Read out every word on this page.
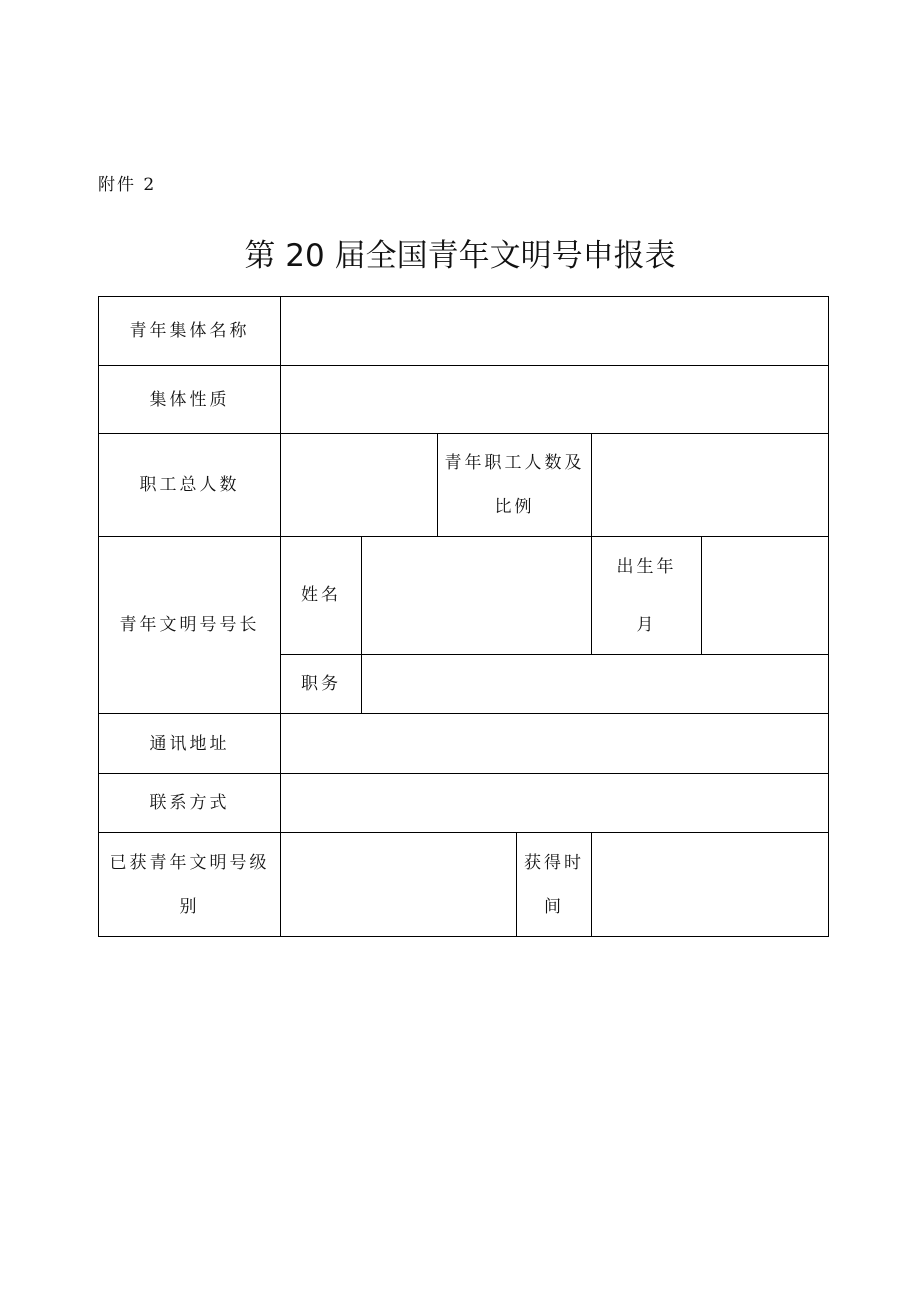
附件 2
第 20 届全国青年文明号申报表
青年集体名称						
集体性质						
职工总人数			青年职工人数及比例			
青年文明号号长	姓名				出生年月	
	职务					
通讯地址						
联系方式						
已获青年文明号级别				获得时间		
